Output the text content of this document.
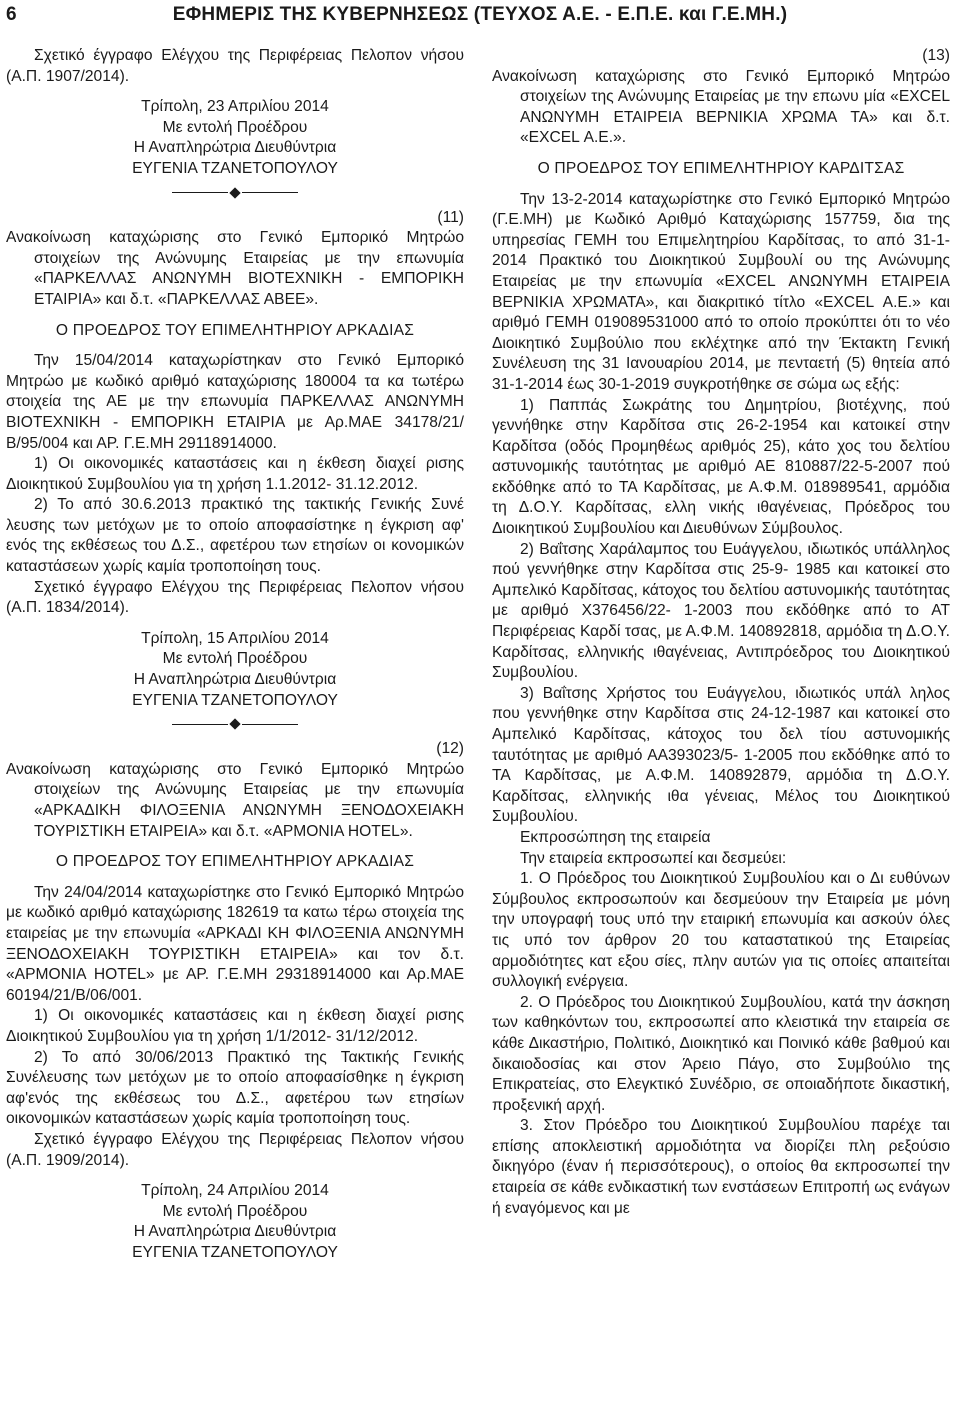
6	ΕΦΗΜΕΡΙΣ ΤΗΣ ΚΥΒΕΡΝΗΣΕΩΣ (ΤΕΥΧΟΣ Α.Ε. - Ε.Π.Ε. και Γ.Ε.ΜΗ.)

Σχετικό έγγραφο Ελέγχου της Περιφέρειας Πελοπον νήσου (Α.Π. 1907/2014).

Τρίπολη, 23 Απριλίου 2014

Με εντολή Προέδρου

Η Αναπληρώτρια Διευθύντρια

ΕΥΓΕΝΙΑ ΤΖΑΝΕΤΟΠΟΥΛΟΥ

(11)

Ανακοίνωση καταχώρισης στο Γενικό Εμπορικό Μητρώο στοιχείων της Ανώνυμης Εταιρείας με την επωνυμία «ΠΑΡΚΕΛΛΑΣ ΑΝΩΝΥΜΗ ΒΙΟΤΕΧΝΙΚΗ - ΕΜΠΟΡΙΚΗ ΕΤΑΙΡΙΑ» και δ.τ. «ΠΑΡΚΕΛΛΑΣ ΑΒΕΕ».

Ο ΠΡΟΕΔΡΟΣ ΤΟΥ ΕΠΙΜΕΛΗΤΗΡΙΟΥ ΑΡΚΑΔΙΑΣ

Την 15/04/2014 καταχωρίστηκαν στο Γενικό Εμπορικό Μητρώο με κωδικό αριθμό καταχώρισης 180004 τα κα τωτέρω στοιχεία της ΑΕ με την επωνυμία ΠΑΡΚΕΛΛΑΣ ΑΝΩΝΥΜΗ ΒΙΟΤΕΧΝΙΚΗ - ΕΜΠΟΡΙΚΗ ΕΤΑΙΡΙΑ με Αρ.ΜΑΕ 34178/21/Β/95/004 και ΑΡ. Γ.Ε.ΜΗ 29118914000.

1) Οι οικονομικές καταστάσεις και η έκθεση διαχεί ρισης Διοικητικού Συμβουλίου για τη χρήση 1.1.2012- 31.12.2012.

2) Το από 30.6.2013 πρακτικό της τακτικής Γενικής Συνέ λευσης των μετόχων με το οποίο αποφασίστηκε η έγκριση αφ' ενός της εκθέσεως του Δ.Σ., αφετέρου των ετησίων οι κονομικών καταστάσεων χωρίς καμία τροποποίηση τους.

Σχετικό έγγραφο Ελέγχου της Περιφέρειας Πελοπον νήσου (Α.Π. 1834/2014).

Τρίπολη, 15 Απριλίου 2014

Με εντολή Προέδρου

Η Αναπληρώτρια Διευθύντρια

ΕΥΓΕΝΙΑ ΤΖΑΝΕΤΟΠΟΥΛΟΥ

(12)

Ανακοίνωση καταχώρισης στο Γενικό Εμπορικό Μητρώο στοιχείων της Ανώνυμης Εταιρείας με την επωνυμία «ΑΡΚΑΔΙΚΗ ΦΙΛΟΞΕΝΙΑ ΑΝΩΝΥΜΗ ΞΕΝΟΔΟΧΕΙΑΚΗ ΤΟΥΡΙΣΤΙΚΗ ΕΤΑΙΡΕΙΑ» και δ.τ. «ΑΡΜΟΝΙΑ HOTEL».

Ο ΠΡΟΕΔΡΟΣ ΤΟΥ ΕΠΙΜΕΛΗΤΗΡΙΟΥ ΑΡΚΑΔΙΑΣ

Την 24/04/2014 καταχωρίστηκε στο Γενικό Εμπορικό Μητρώο με κωδικό αριθμό καταχώρισης 182619 τα κατω τέρω στοιχεία της εταιρείας με την επωνυμία «ΑΡΚΑΔΙ ΚΗ ΦΙΛΟΞΕΝΙΑ ΑΝΩΝΥΜΗ ΞΕΝΟΔΟΧΕΙΑΚΗ ΤΟΥΡΙΣΤΙΚΗ ΕΤΑΙΡΕΙΑ» και τον δ.τ. «ΑΡΜΟΝΙΑ HOTEL» με ΑΡ. Γ.Ε.ΜΗ 29318914000 και Αρ.ΜΑΕ 60194/21/Β/06/001.

1) Οι οικονομικές καταστάσεις και η έκθεση διαχεί ρισης Διοικητικού Συμβουλίου για τη χρήση 1/1/2012- 31/12/2012.

2) Το από 30/06/2013 Πρακτικό της Τακτικής Γενικής Συνέλευσης των μετόχων με το οποίο αποφασίσθηκε η έγκριση αφ'ενός της εκθέσεως του Δ.Σ., αφετέρου των ετησίων οικονομικών καταστάσεων χωρίς καμία τροποποίηση τους.

Σχετικό έγγραφο Ελέγχου της Περιφέρειας Πελοπον νήσου (Α.Π. 1909/2014).

Τρίπολη, 24 Απριλίου 2014

Με εντολή Προέδρου

Η Αναπληρώτρια Διευθύντρια

ΕΥΓΕΝΙΑ ΤΖΑΝΕΤΟΠΟΥΛΟΥ

(13)

Ανακοίνωση καταχώρισης στο Γενικό Εμπορικό Μητρώο στοιχείων της Ανώνυμης Εταιρείας με την επωνυ μία «EXCEL ΑΝΩΝΥΜΗ ΕΤΑΙΡΕΙΑ ΒΕΡΝΙΚΙΑ ΧΡΩΜΑ ΤΑ» και δ.τ. «EXCEL Α.Ε.».

Ο ΠΡΟΕΔΡΟΣ ΤΟΥ ΕΠΙΜΕΛΗΤΗΡΙΟΥ ΚΑΡΔΙΤΣΑΣ

Την 13-2-2014 καταχωρίστηκε στο Γενικό Εμπορικό Μητρώο (Γ.Ε.ΜΗ) με Κωδικό Αριθμό Καταχώρισης 157759, δια της υπηρεσίας ΓΕΜΗ του Επιμελητηρίου Καρδίτσας, το από 31-1-2014 Πρακτικό του Διοικητικού Συμβουλί ου της Ανώνυμης Εταιρείας με την επωνυμία «EXCEL ΑΝΩΝΥΜΗ ΕΤΑΙΡΕΙΑ ΒΕΡΝΙΚΙΑ ΧΡΩΜΑΤΑ», και διακριτικό τίτλο «EXCEL Α.Ε.» και αριθμό ΓΕΜΗ 019089531000 από το οποίο προκύπτει ότι το νέο Διοικητικό Συμβούλιο που εκλέχτηκε από την Έκτακτη Γενική Συνέλευση της 31 Ιανουαρίου 2014, με πενταετή (5) θητεία από 31-1-2014 έως 30-1-2019 συγκροτήθηκε σε σώμα ως εξής:

1) Παππάς Σωκράτης του Δημητρίου, βιοτέχνης, πού γεννήθηκε στην Καρδίτσα στις 26-2-1954 και κατοικεί στην Καρδίτσα (οδός Προμηθέως αριθμός 25), κάτο χος του δελτίου αστυνομικής ταυτότητας με αριθμό ΑΕ 810887/22-5-2007 πού εκδόθηκε από το ΤΑ Καρδίτσας, με Α.Φ.Μ. 018989541, αρμόδια τη Δ.Ο.Υ. Καρδίτσας, ελλη νικής ιθαγένειας, Πρόεδρος του Διοικητικού Συμβουλίου και Διευθύνων Σύμβουλος.

2) Βαΐτσης Χαράλαμπος του Ευάγγελου, ιδιωτικός υπάλληλος πού γεννήθηκε στην Καρδίτσα στις 25-9- 1985 και κατοικεί στο Αμπελικό Καρδίτσας, κάτοχος του δελτίου αστυνομικής ταυτότητας με αριθμό Χ376456/22- 1-2003 που εκδόθηκε από το ΑΤ Περιφέρειας Καρδί τσας, με Α.Φ.Μ. 140892818, αρμόδια τη Δ.Ο.Υ. Καρδίτσας, ελληνικής ιθαγένειας, Αντιπρόεδρος του Διοικητικού Συμβουλίου.

3) Βαΐτσης Χρήστος του Ευάγγελου, ιδιωτικός υπάλ ληλος που γεννήθηκε στην Καρδίτσα στις 24-12-1987 και κατοικεί στο Αμπελικό Καρδίτσας, κάτοχος του δελ τίου αστυνομικής ταυτότητας με αριθμό ΑΑ393023/5- 1-2005 που εκδόθηκε από το ΤΑ Καρδίτσας, με Α.Φ.Μ. 140892879, αρμόδια τη Δ.Ο.Υ. Καρδίτσας, ελληνικής ιθα γένειας, Μέλος του Διοικητικού Συμβουλίου.

Εκπροσώπηση της εταιρεία

Την εταιρεία εκπροσωπεί και δεσμεύει:

1. Ο Πρόεδρος του Διοικητικού Συμβουλίου και ο Δι ευθύνων Σύμβουλος εκπροσωπούν και δεσμεύουν την Εταιρεία με μόνη την υπογραφή τους υπό την εταιρική επωνυμία και ασκούν όλες τις υπό τον άρθρον 20 του καταστατικού της Εταιρείας αρμοδιότητες κατ εξου σίες, πλην αυτών για τις οποίες απαιτείται συλλογική ενέργεια.

2. Ο Πρόεδρος του Διοικητικού Συμβουλίου, κατά την άσκηση των καθηκόντων του, εκπροσωπεί απο κλειστικά την εταιρεία σε κάθε Δικαστήριο, Πολιτικό, Διοικητικό και Ποινικό κάθε βαθμού και δικαιοδοσίας και στον Άρειο Πάγο, στο Συμβούλιο της Επικρατείας, στο Ελεγκτικό Συνέδριο, σε οποιαδήποτε δικαστική, προξενική αρχή.

3. Στον Πρόεδρο του Διοικητικού Συμβουλίου παρέχε ται επίσης αποκλειστική αρμοδιότητα να διορίζει πλη ρεξούσιο δικηγόρο (έναν ή περισσότερους), ο οποίος θα εκπροσωπεί την εταιρεία σε κάθε ενδικαστική των ενστάσεων Επιτροπή ως ενάγων ή εναγόμενος και με
